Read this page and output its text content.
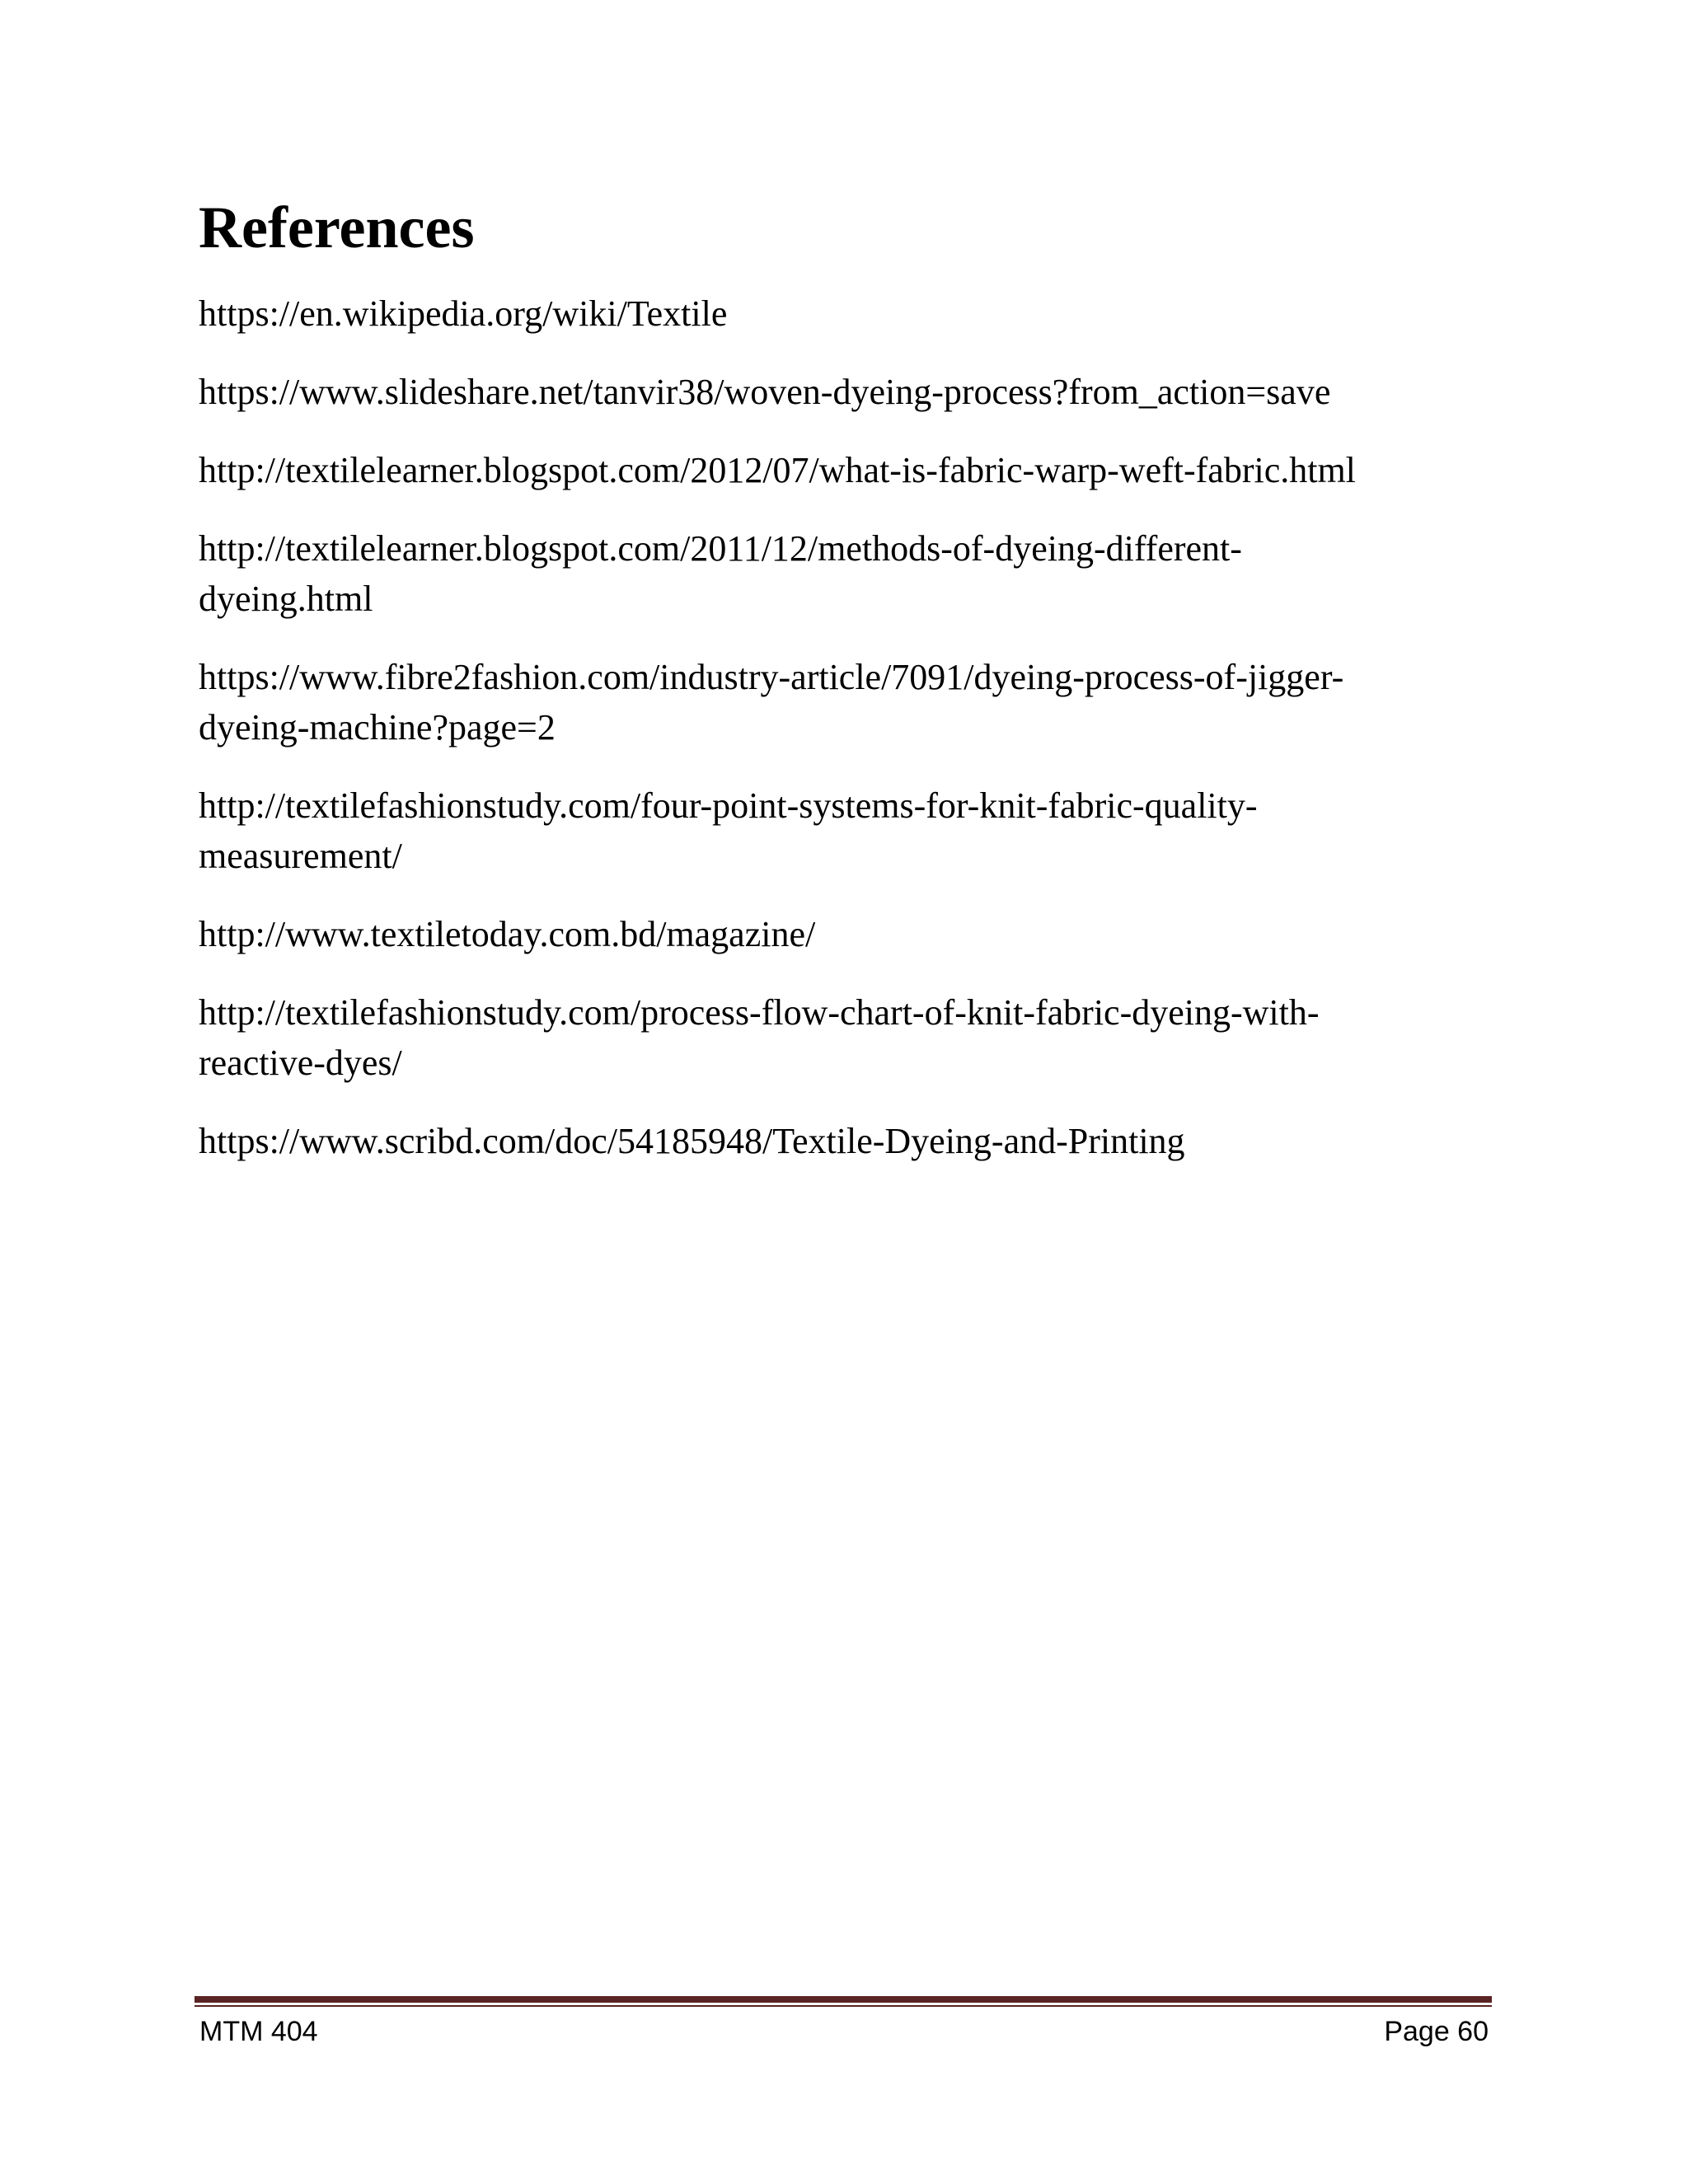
References
https://en.wikipedia.org/wiki/Textile
https://www.slideshare.net/tanvir38/woven-dyeing-process?from_action=save
http://textilelearner.blogspot.com/2012/07/what-is-fabric-warp-weft-fabric.html
http://textilelearner.blogspot.com/2011/12/methods-of-dyeing-different-dyeing.html
https://www.fibre2fashion.com/industry-article/7091/dyeing-process-of-jigger-dyeing-machine?page=2
http://textilefashionstudy.com/four-point-systems-for-knit-fabric-quality-measurement/
http://www.textiletoday.com.bd/magazine/
http://textilefashionstudy.com/process-flow-chart-of-knit-fabric-dyeing-with-reactive-dyes/
https://www.scribd.com/doc/54185948/Textile-Dyeing-and-Printing
MTM 404	Page 60
